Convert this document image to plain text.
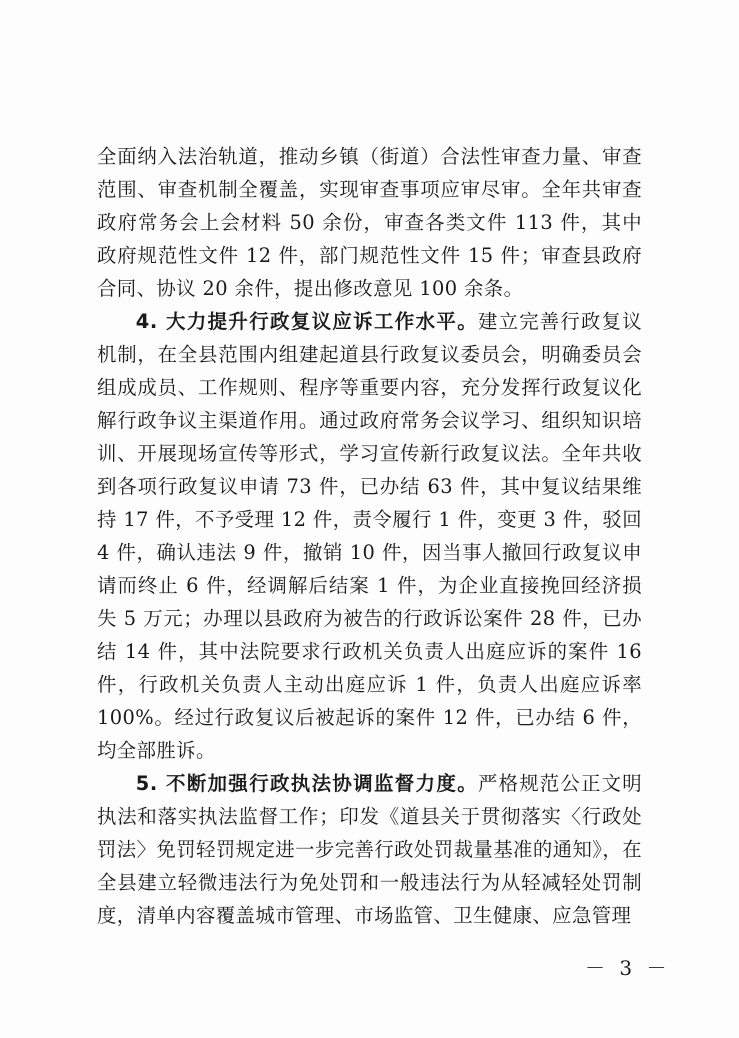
全面纳入法治轨道，推动乡镇（街道）合法性审查力量、审查范围、审查机制全覆盖，实现审查事项应审尽审。全年共审查政府常务会上会材料 50 余份，审查各类文件 113 件，其中政府规范性文件 12 件，部门规范性文件 15 件；审查县政府合同、协议 20 余件，提出修改意见 100 余条。

4. 大力提升行政复议应诉工作水平。建立完善行政复议机制，在全县范围内组建起道县行政复议委员会，明确委员会组成成员、工作规则、程序等重要内容，充分发挥行政复议化解行政争议主渠道作用。通过政府常务会议学习、组织知识培训、开展现场宣传等形式，学习宣传新行政复议法。全年共收到各项行政复议申请 73 件，已办结 63 件，其中复议结果维持 17 件，不予受理 12 件，责令履行 1 件，变更 3 件，驳回 4 件，确认违法 9 件，撤销 10 件，因当事人撤回行政复议申请而终止 6 件，经调解后结案 1 件，为企业直接挽回经济损失 5 万元；办理以县政府为被告的行政诉讼案件 28 件，已办结 14 件，其中法院要求行政机关负责人出庭应诉的案件 16 件，行政机关负责人主动出庭应诉 1 件，负责人出庭应诉率 100%。经过行政复议后被起诉的案件 12 件，已办结 6 件，均全部胜诉。

5. 不断加强行政执法协调监督力度。严格规范公正文明执法和落实执法监督工作；印发《道县关于贯彻落实〈行政处罚法〉免罚轻罚规定进一步完善行政处罚裁量基准的通知》，在全县建立轻微违法行为免处罚和一般违法行为从轻减轻处罚制度，清单内容覆盖城市管理、市场监管、卫生健康、应急管理

－ 3 －
